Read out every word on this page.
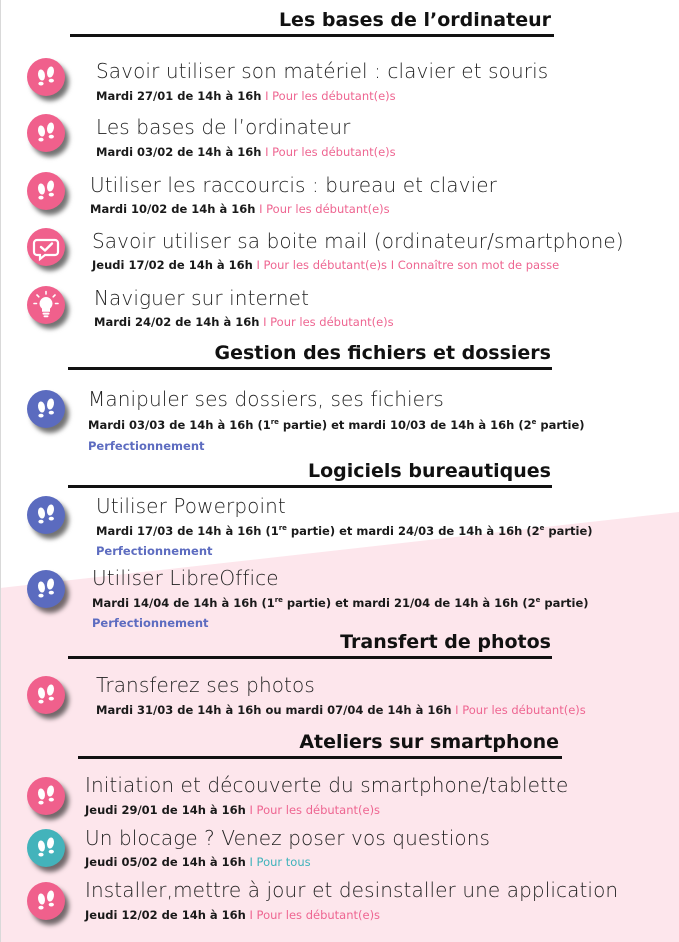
Les bases de l’ordinateur
Savoir utiliser son matériel : clavier et souris
Mardi 27/01 de 14h à 16h I Pour les débutant(e)s
Les bases de l’ordinateur
Mardi 03/02 de 14h à 16h I Pour les débutant(e)s
Utiliser les raccourcis : bureau et clavier
Mardi 10/02 de 14h à 16h I Pour les débutant(e)s
Savoir utiliser sa boite mail (ordinateur/smartphone)
Jeudi 17/02 de 14h à 16h I Pour les débutant(e)s I Connaître son mot de passe
Naviguer sur internet
Mardi 24/02 de 14h à 16h I Pour les débutant(e)s
Gestion des fichiers et dossiers
Manipuler ses dossiers, ses fichiers
Mardi 03/03 de 14h à 16h (1re partie) et mardi 10/03 de 14h à 16h (2e partie)
Perfectionnement
Logiciels bureautiques
Utiliser Powerpoint
Mardi 17/03 de 14h à 16h (1re partie) et mardi 24/03 de 14h à 16h (2e partie)
Perfectionnement
Utiliser LibreOffice
Mardi 14/04 de 14h à 16h (1re partie) et mardi 21/04 de 14h à 16h (2e partie)
Perfectionnement
Transfert de photos
Transferez ses photos
Mardi 31/03 de 14h à 16h ou mardi 07/04 de 14h à 16h I Pour les débutant(e)s
Ateliers sur smartphone
Initiation et découverte du smartphone/tablette
Jeudi 29/01 de 14h à 16h I Pour les débutant(e)s
Un blocage ? Venez poser vos questions
Jeudi 05/02 de 14h à 16h I Pour tous
Installer,mettre à jour et desinstaller une application
Jeudi 12/02 de 14h à 16h I Pour les débutant(e)s
